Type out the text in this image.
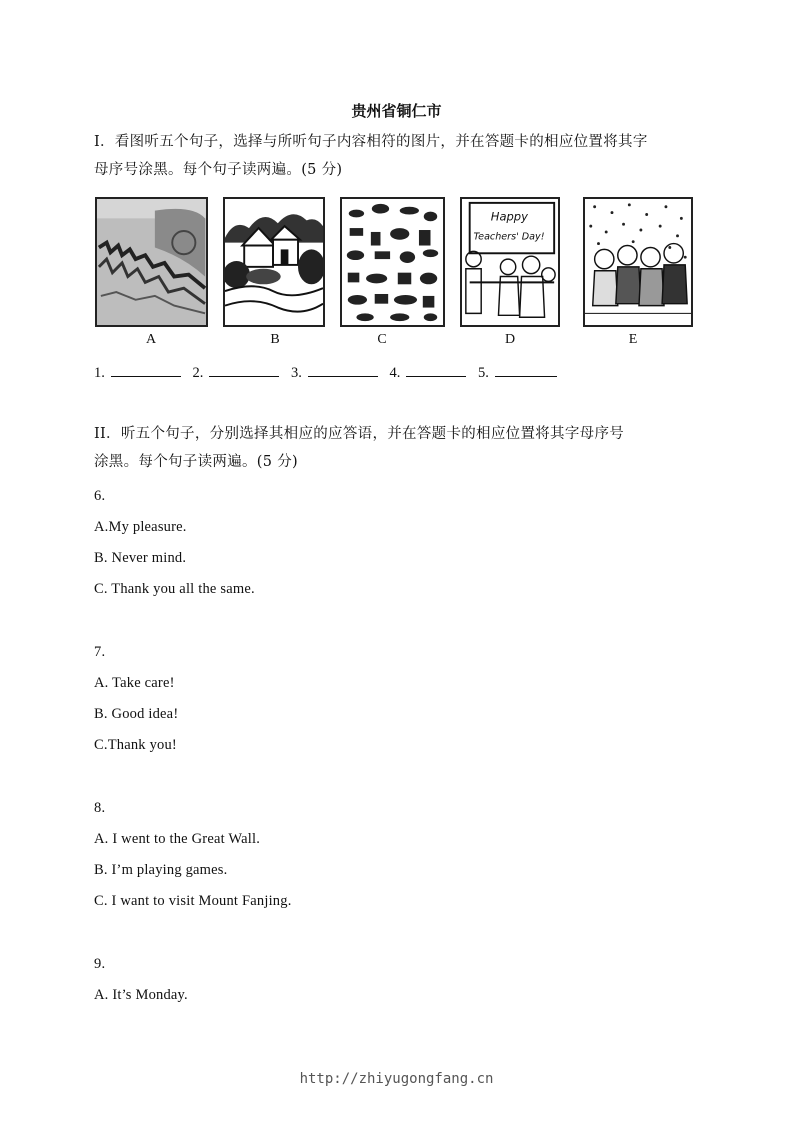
贵州省铜仁市
I．看图听五个句子，选择与所听句子内容相符的图片，并在答题卡的相应位置将其字
母序号涂黑。每个句子读两遍。(5 分)
A	B	C
Happy
Teachers' Day!
D	E
1.	2.	3.	4.	5.
II．听五个句子，分别选择其相应的应答语，并在答题卡的相应位置将其字母序号
涂黑。每个句子读两遍。(5 分)
6.
A.My pleasure.
B. Never mind.
C. Thank you all the same.
7.
A. Take care!
B. Good idea!
C.Thank you!
8.
A. I went to the Great Wall.
B. I’m playing games.
C. I want to visit Mount Fanjing.
9.
A. It’s Monday.
http://zhiyugongfang.cn
